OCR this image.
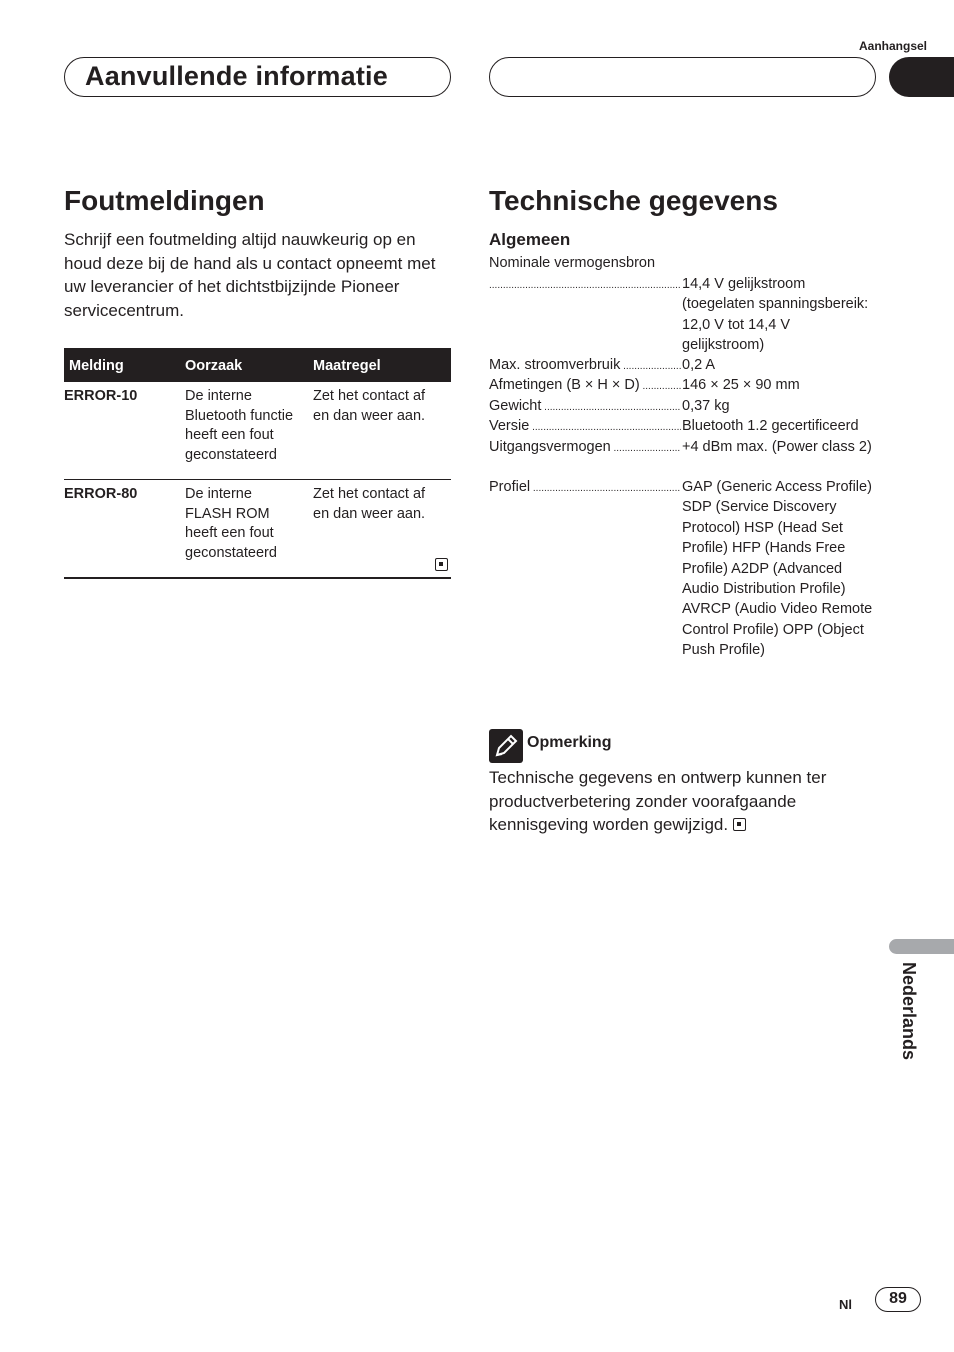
Aanhangsel
Aanvullende informatie
Foutmeldingen

Schrijf een foutmelding altijd nauwkeurig op en houd deze bij de hand als u contact opneemt met uw leverancier of het dichtstbijzijnde Pioneer servicecentrum.

Melding	Oorzaak	Maatregel
ERROR-10	De interne Bluetooth functie heeft een fout geconstateerd	Zet het contact af en dan weer aan.
ERROR-80	De interne FLASH ROM heeft een fout geconstateerd	Zet het contact af en dan weer aan.
Technische gegevens
Algemeen
Nominale vermogensbron
.....
14,4 V gelijkstroom (toegelaten spanningsbereik: 12,0 V tot 14,4 V gelijkstroom)
Max. stroomverbruik .....	0,2 A
Afmetingen (B × H × D) .....	146 × 25 × 90 mm
Gewicht .....	0,37 kg
Versie .....	Bluetooth 1.2 gecertificeerd
Uitgangsvermogen .....	+4 dBm max. (Power class 2)
Profiel .....	GAP (Generic Access Profile) SDP (Service Discovery Protocol) HSP (Head Set Profile) HFP (Hands Free Profile) A2DP (Advanced Audio Distribution Profile) AVRCP (Audio Video Remote Control Profile) OPP (Object Push Profile)
Opmerking

Technische gegevens en ontwerp kunnen ter productverbetering zonder voorafgaande kennisgeving worden gewijzigd.

Nederlands
Nl	89
